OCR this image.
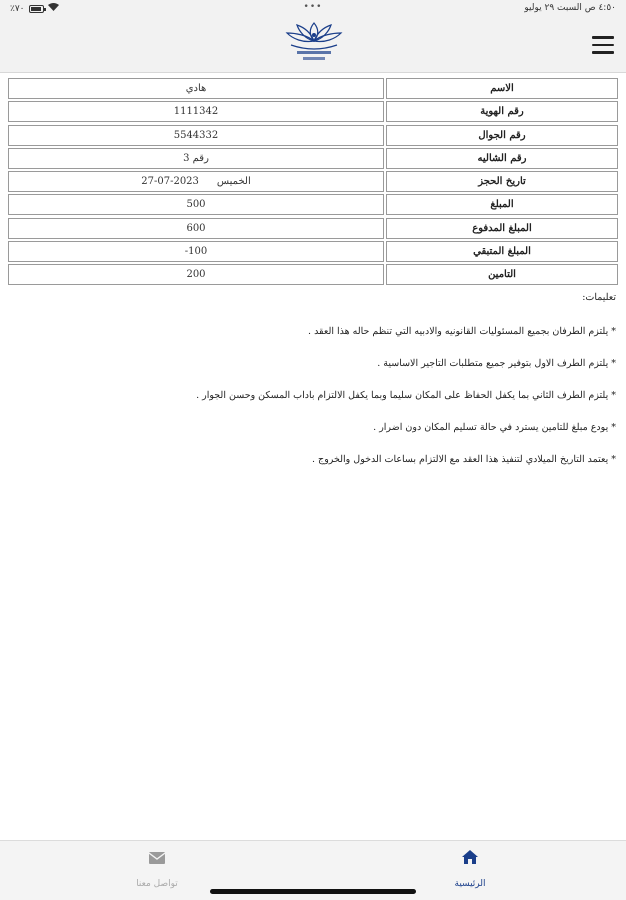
٪٧٠	•••	٤:٥٠ ص السبت ٢٩ يوليو
هادي	الاسم
1111342	رقم الهوية
5544332	رقم الجوال
رقم 3	رقم الشاليه
27-07-2023 الخميس	تاريخ الحجز
500	المبلغ
600	المبلغ المدفوع
-100	المبلغ المتبقي
200	التامين
تعليمات:
* يلتزم الطرفان بجميع المسئوليات القانونيه والادبيه التي تنظم حاله هذا العقد .
* يلتزم الطرف الاول بتوفير جميع متطلبات التاجير الاساسية .
* يلتزم الطرف الثاني بما يكفل الحفاظ على المكان سليما وبما يكفل الالتزام باداب المسكن وحسن الجوار .
* يودع مبلغ للتامين يسترد في حالة تسليم المكان دون اضرار .
* يعتمد التاريخ الميلادي لتنفيذ هذا العقد مع الالتزام بساعات الدخول والخروج .
تواصل معنا	الرئيسية
